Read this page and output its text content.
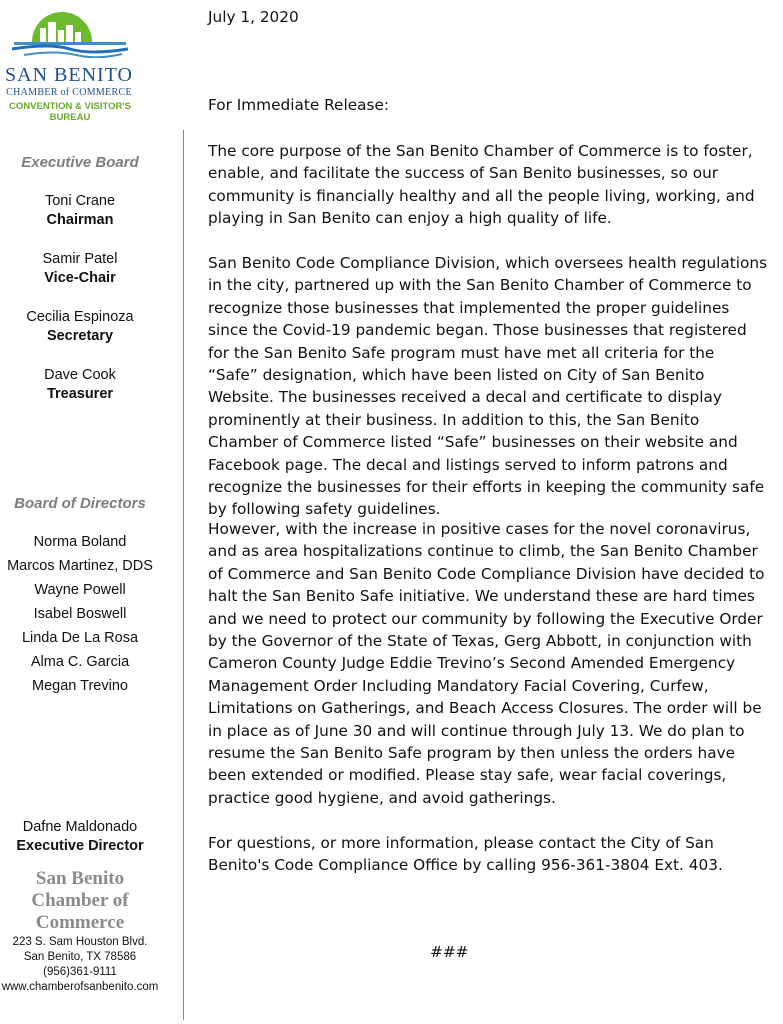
SAN BENITO
CHAMBER of COMMERCE
CONVENTION & VISITOR'S BUREAU
Executive Board
Toni Crane
Chairman
Samir Patel
Vice-Chair
Cecilia Espinoza
Secretary
Dave Cook
Treasurer
Board of Directors
Norma Boland
Marcos Martinez, DDS
Wayne Powell
Isabel Boswell
Linda De La Rosa
Alma C. Garcia
Megan Trevino
Dafne Maldonado
Executive Director
San Benito
Chamber of
Commerce
223 S. Sam Houston Blvd.
San Benito, TX 78586
(956)361-9111
www.chamberofsanbenito.com
July 1, 2020
For Immediate Release:

The core purpose of the San Benito Chamber of Commerce is to foster, enable, and facilitate the success of San Benito businesses, so our community is financially healthy and all the people living, working, and playing in San Benito can enjoy a high quality of life.

San Benito Code Compliance Division, which oversees health regulations in the city, partnered up with the San Benito Chamber of Commerce to recognize those businesses that implemented the proper guidelines since the Covid-19 pandemic began. Those businesses that registered for the San Benito Safe program must have met all criteria for the “Safe” designation, which have been listed on City of San Benito Website. The businesses received a decal and certificate to display prominently at their business. In addition to this, the San Benito Chamber of Commerce listed “Safe” businesses on their website and Facebook page. The decal and listings served to inform patrons and recognize the businesses for their efforts in keeping the community safe by following safety guidelines.

However, with the increase in positive cases for the novel coronavirus, and as area hospitalizations continue to climb, the San Benito Chamber of Commerce and San Benito Code Compliance Division have decided to halt the San Benito Safe initiative. We understand these are hard times and we need to protect our community by following the Executive Order by the Governor of the State of Texas, Gerg Abbott, in conjunction with Cameron County Judge Eddie Trevino’s Second Amended Emergency Management Order Including Mandatory Facial Covering, Curfew, Limitations on Gatherings, and Beach Access Closures. The order will be in place as of June 30 and will continue through July 13. We do plan to resume the San Benito Safe program by then unless the orders have been extended or modified. Please stay safe, wear facial coverings, practice good hygiene, and avoid gatherings.

For questions, or more information, please contact the City of San Benito's Code Compliance Office by calling 956-361-3804 Ext. 403.

###
